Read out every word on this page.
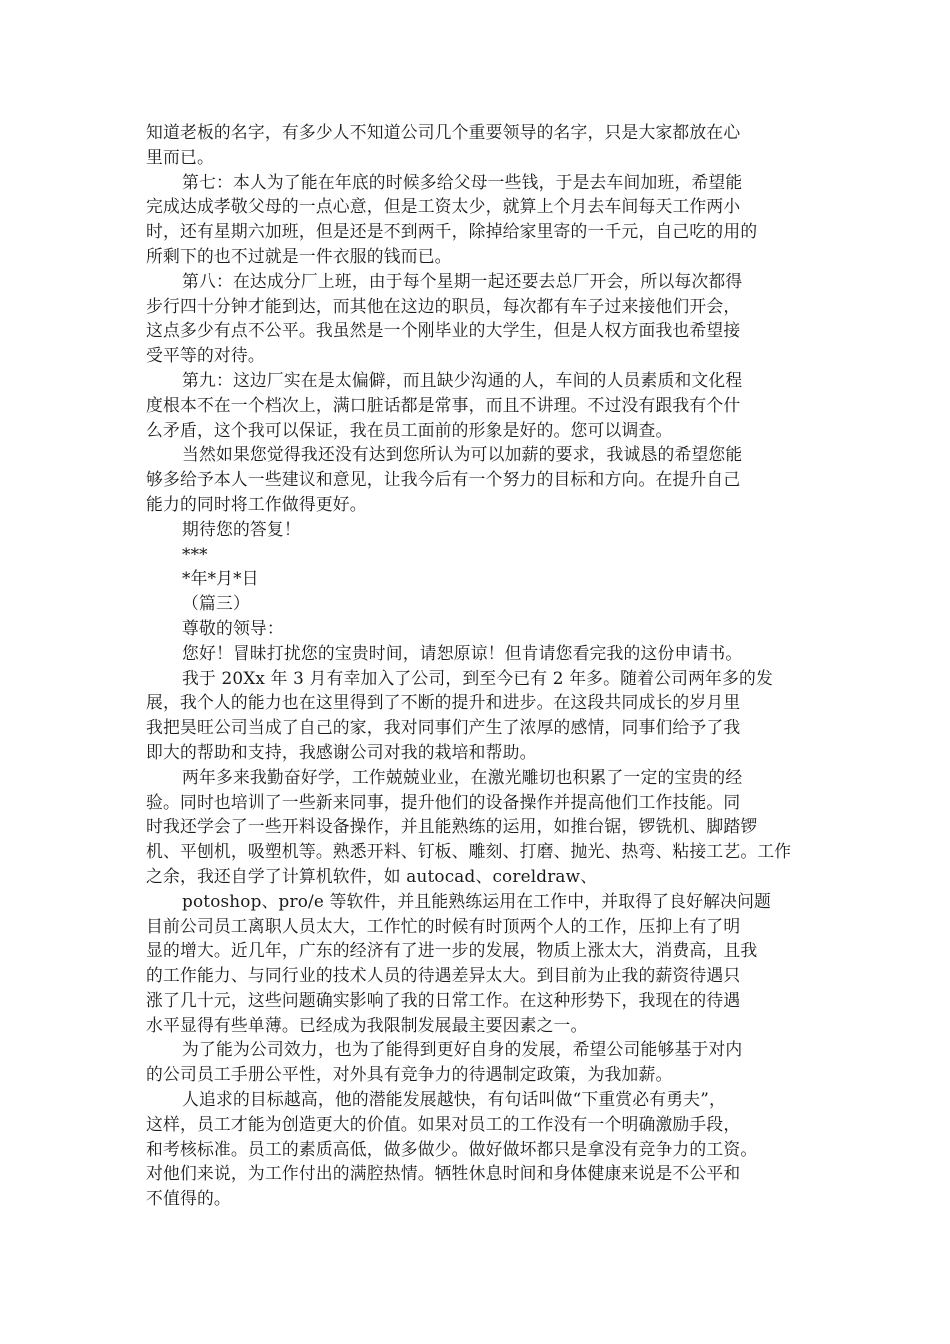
知道老板的名字，有多少人不知道公司几个重要领导的名字，只是大家都放在心
里而已。
第七：本人为了能在年底的时候多给父母一些钱，于是去车间加班，希望能
完成达成孝敬父母的一点心意，但是工资太少，就算上个月去车间每天工作两小
时，还有星期六加班，但是还是不到两千，除掉给家里寄的一千元，自己吃的用的
所剩下的也不过就是一件衣服的钱而已。
第八：在达成分厂上班，由于每个星期一起还要去总厂开会，所以每次都得
步行四十分钟才能到达，而其他在这边的职员，每次都有车子过来接他们开会，
这点多少有点不公平。我虽然是一个刚毕业的大学生，但是人权方面我也希望接
受平等的对待。
第九：这边厂实在是太偏僻，而且缺少沟通的人，车间的人员素质和文化程
度根本不在一个档次上，满口脏话都是常事，而且不讲理。不过没有跟我有个什
么矛盾，这个我可以保证，我在员工面前的形象是好的。您可以调查。
当然如果您觉得我还没有达到您所认为可以加薪的要求，我诚恳的希望您能
够多给予本人一些建议和意见，让我今后有一个努力的目标和方向。在提升自己
能力的同时将工作做得更好。
期待您的答复！
***
*年*月*日
（篇三）
尊敬的领导：
您好！冒昧打扰您的宝贵时间，请恕原谅！但肯请您看完我的这份申请书。
我于 20Xx 年 3 月有幸加入了公司，到至今已有 2 年多。随着公司两年多的发
展，我个人的能力也在这里得到了不断的提升和进步。在这段共同成长的岁月里
我把昊旺公司当成了自己的家，我对同事们产生了浓厚的感情，同事们给予了我
即大的帮助和支持，我感谢公司对我的栽培和帮助。
两年多来我勤奋好学，工作兢兢业业，在激光雕切也积累了一定的宝贵的经
验。同时也培训了一些新来同事，提升他们的设备操作并提高他们工作技能。同
时我还学会了一些开料设备操作，并且能熟练的运用，如推台锯，锣铣机、脚踏锣
机、平刨机，吸塑机等。熟悉开料、钉板、雕刻、打磨、抛光、热弯、粘接工艺。工作
之余，我还自学了计算机软件，如 autocad、coreldraw、
potoshop、pro/e 等软件，并且能熟练运用在工作中，并取得了良好解决问题
目前公司员工离职人员太大，工作忙的时候有时顶两个人的工作，压抑上有了明
显的增大。近几年，广东的经济有了进一步的发展，物质上涨太大，消费高，且我
的工作能力、与同行业的技术人员的待遇差异太大。到目前为止我的薪资待遇只
涨了几十元，这些问题确实影响了我的日常工作。在这种形势下，我现在的待遇
水平显得有些单薄。已经成为我限制发展最主要因素之一。
为了能为公司效力，也为了能得到更好自身的发展，希望公司能够基于对内
的公司员工手册公平性，对外具有竞争力的待遇制定政策，为我加薪。
人追求的目标越高，他的潜能发展越快，有句话叫做“下重赏必有勇夫”，
这样，员工才能为创造更大的价值。如果对员工的工作没有一个明确激励手段，
和考核标准。员工的素质高低，做多做少。做好做坏都只是拿没有竞争力的工资。
对他们来说，为工作付出的满腔热情。牺牲休息时间和身体健康来说是不公平和
不值得的。
